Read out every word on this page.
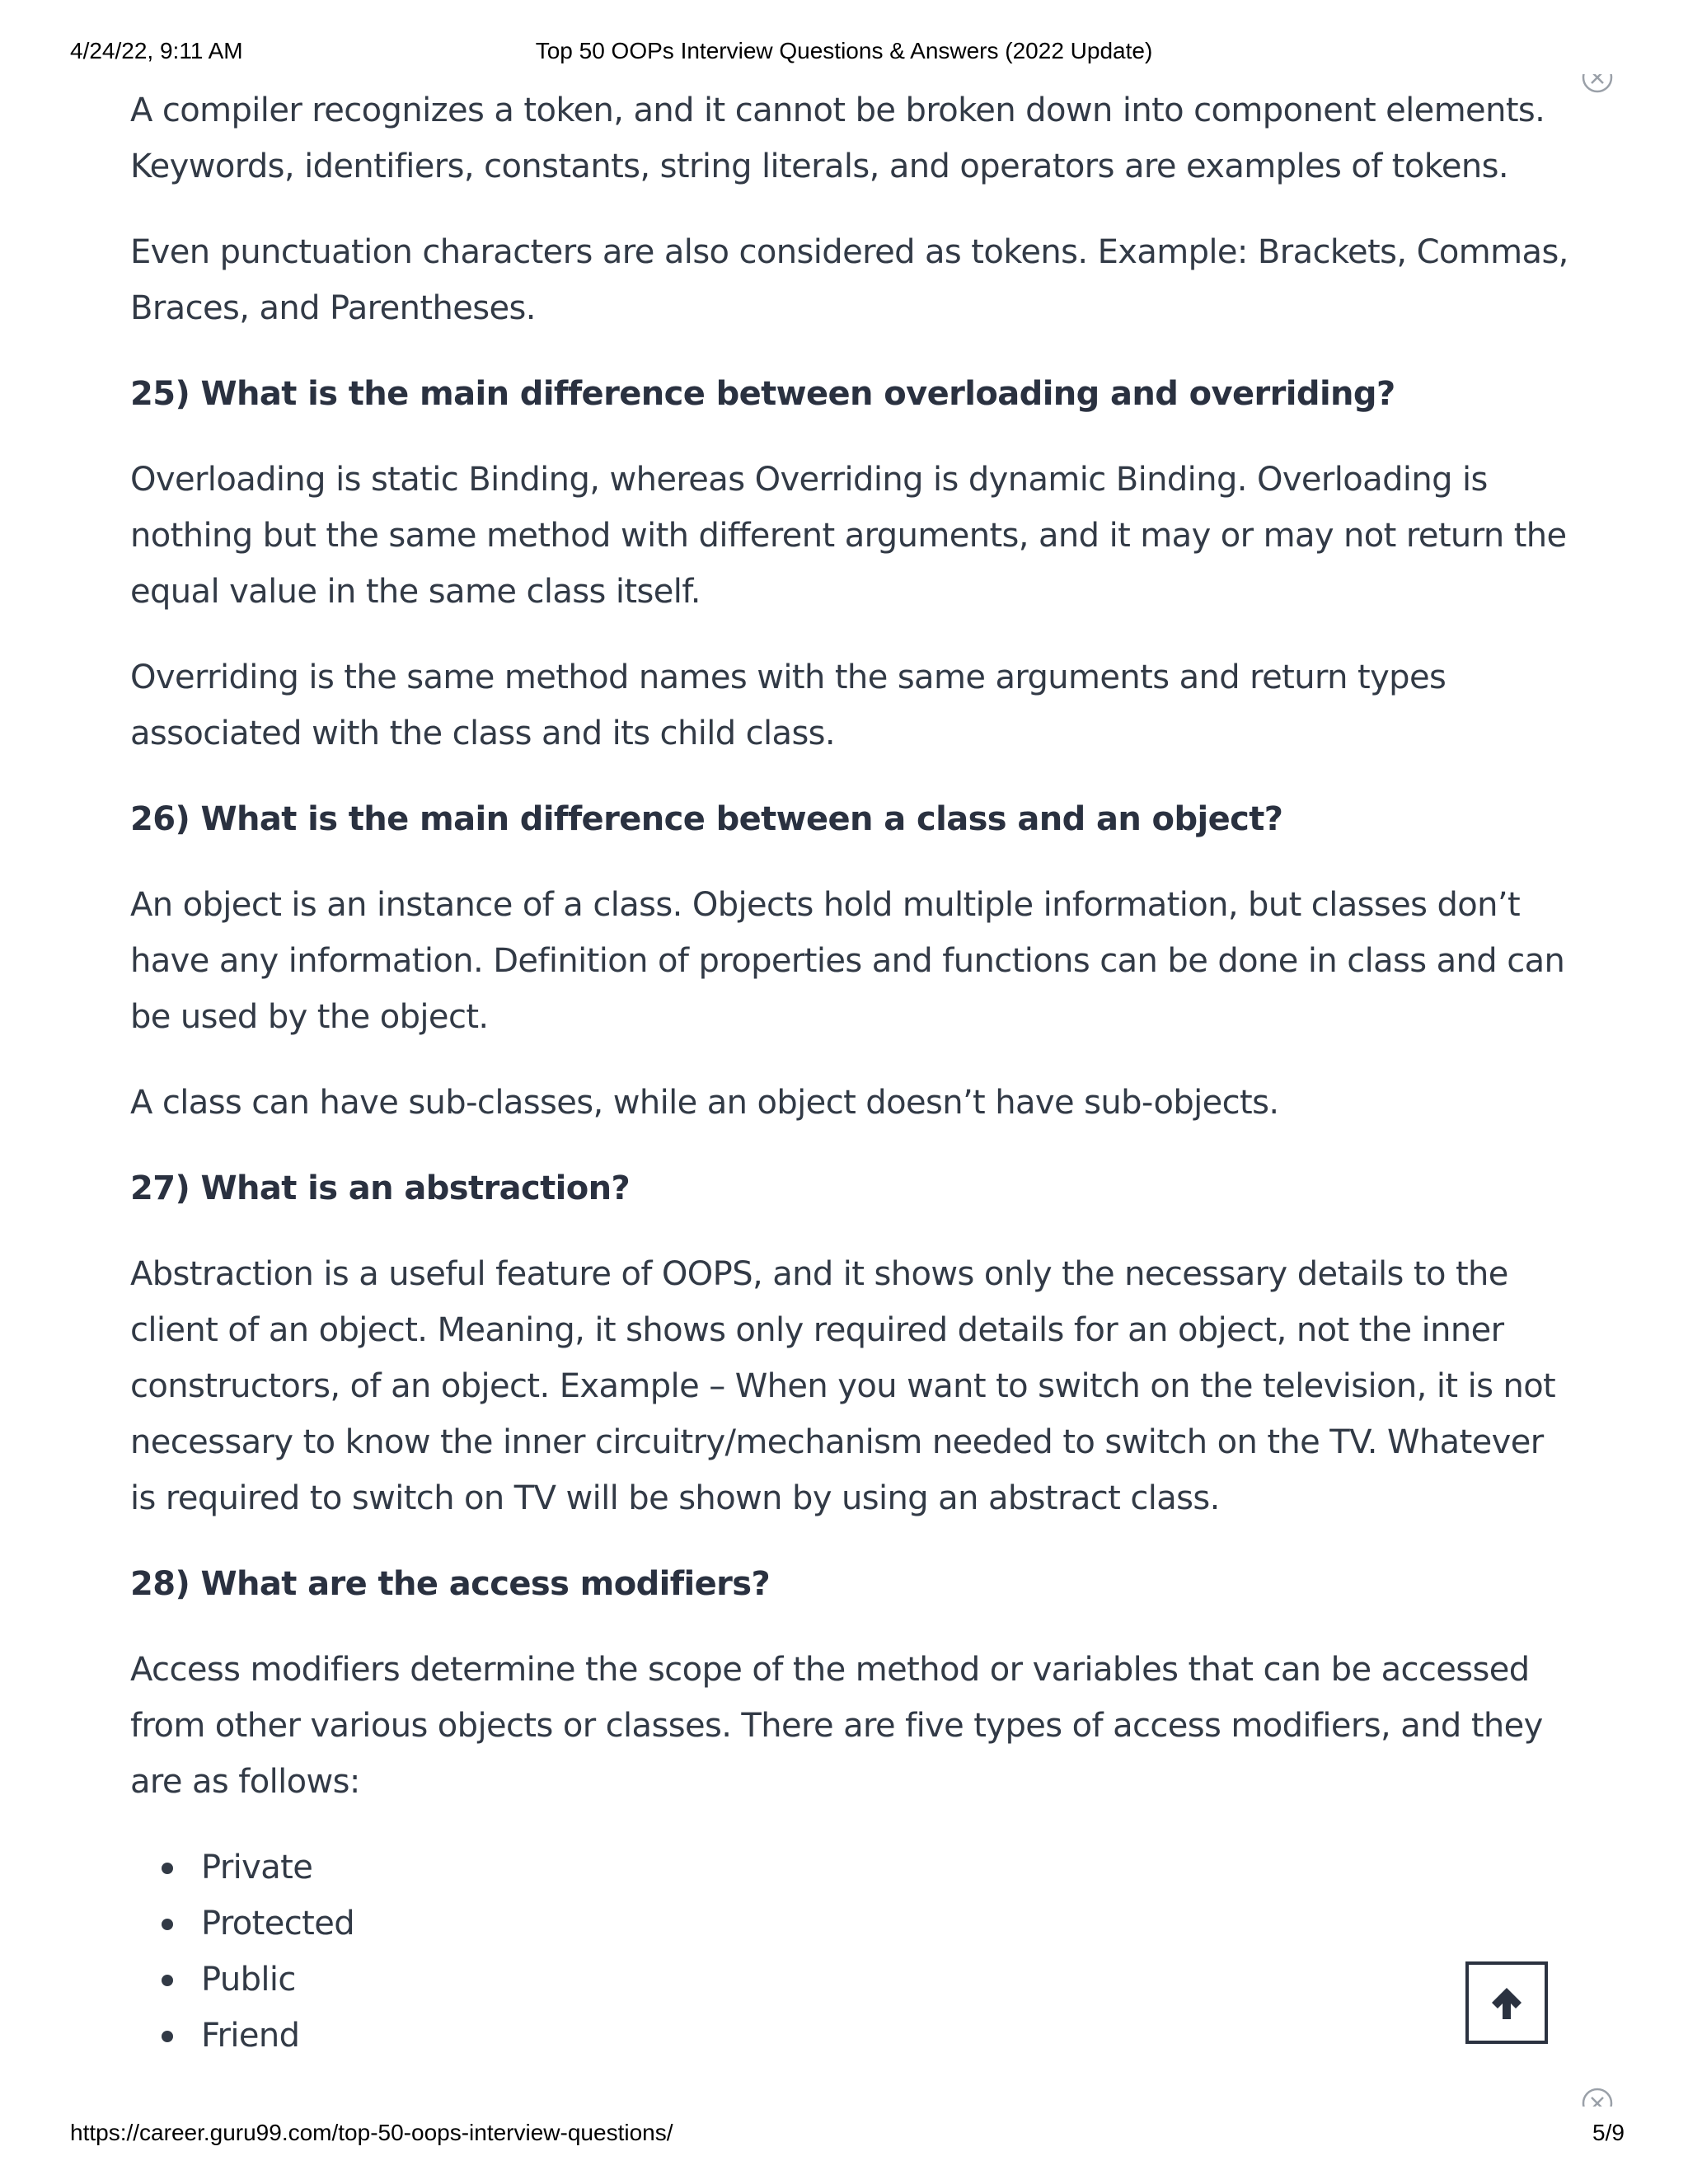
4/24/22, 9:11 AM	Top 50 OOPs Interview Questions & Answers (2022 Update)

A compiler recognizes a token, and it cannot be broken down into component elements. Keywords, identifiers, constants, string literals, and operators are examples of tokens.

Even punctuation characters are also considered as tokens. Example: Brackets, Commas, Braces, and Parentheses.

25) What is the main difference between overloading and overriding?

Overloading is static Binding, whereas Overriding is dynamic Binding. Overloading is nothing but the same method with different arguments, and it may or may not return the equal value in the same class itself.

Overriding is the same method names with the same arguments and return types associated with the class and its child class.

26) What is the main difference between a class and an object?

An object is an instance of a class. Objects hold multiple information, but classes don’t have any information. Definition of properties and functions can be done in class and can be used by the object.

A class can have sub-classes, while an object doesn’t have sub-objects.

27) What is an abstraction?

Abstraction is a useful feature of OOPS, and it shows only the necessary details to the client of an object. Meaning, it shows only required details for an object, not the inner constructors, of an object. Example – When you want to switch on the television, it is not necessary to know the inner circuitry/mechanism needed to switch on the TV. Whatever is required to switch on TV will be shown by using an abstract class.

28) What are the access modifiers?

Access modifiers determine the scope of the method or variables that can be accessed from other various objects or classes. There are five types of access modifiers, and they are as follows:

Private
Protected
Public
Friend
https://career.guru99.com/top-50-oops-interview-questions/	5/9
